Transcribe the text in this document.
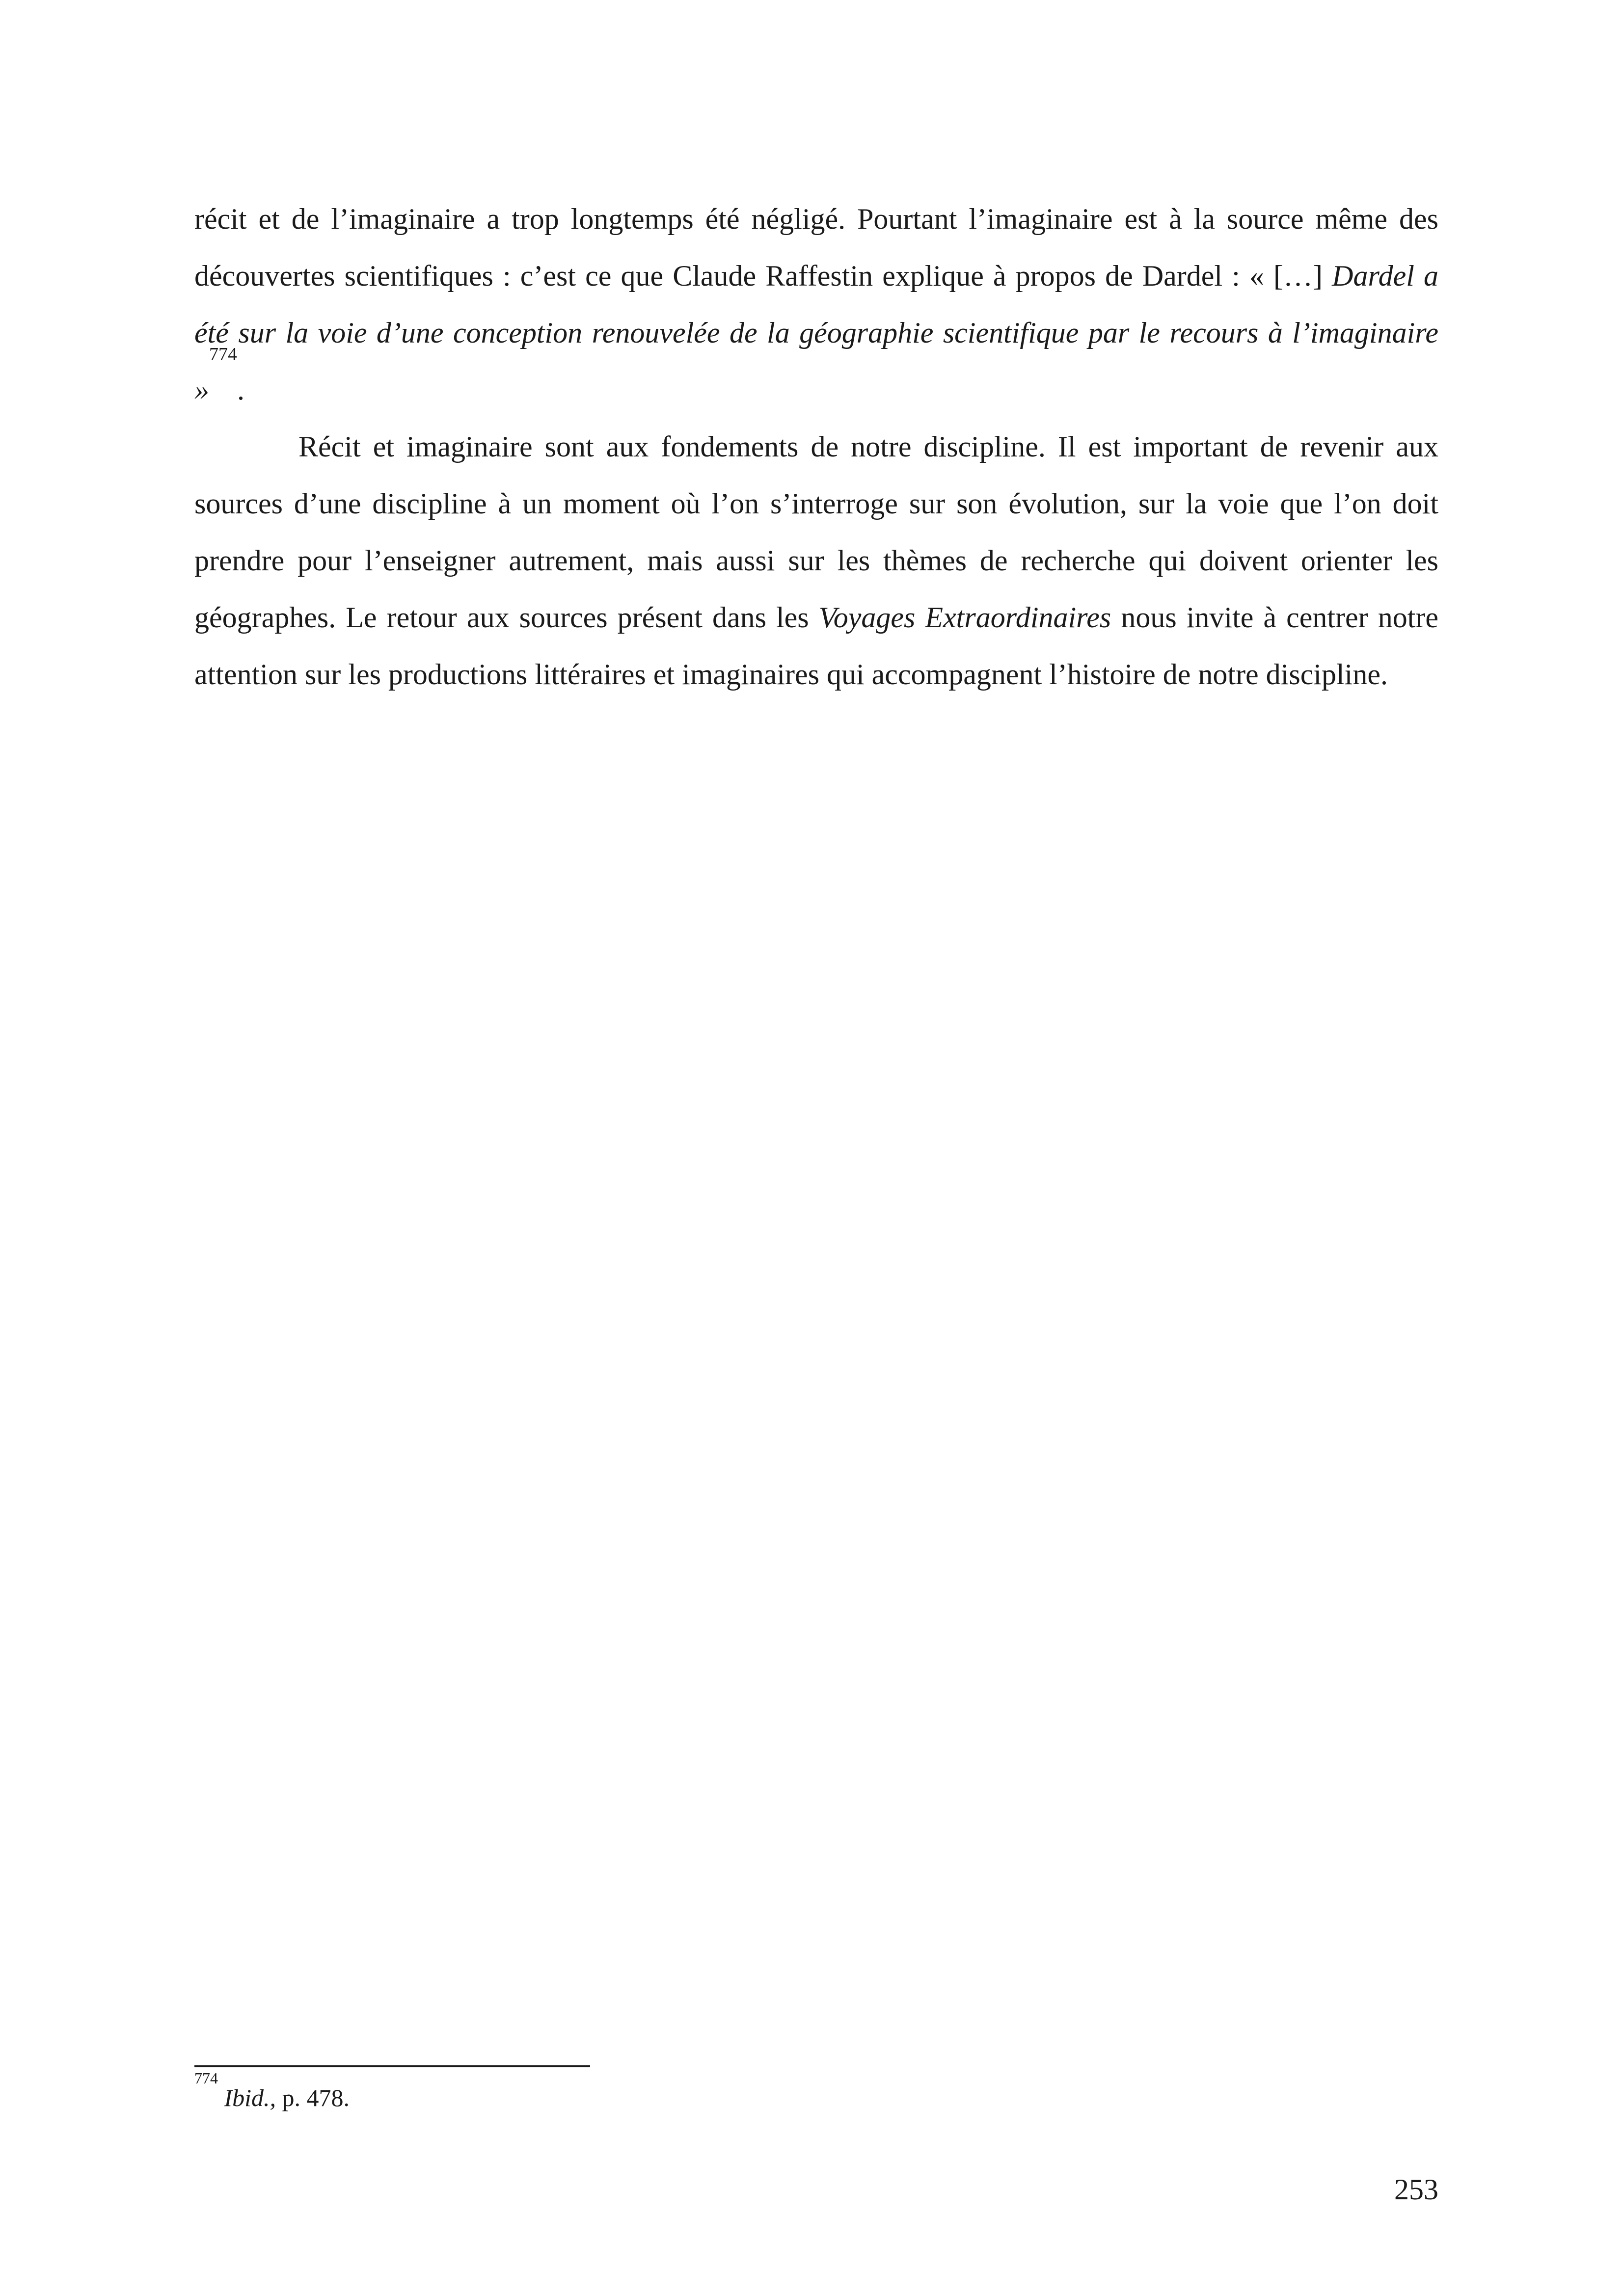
récit et de l’imaginaire a trop longtemps été négligé. Pourtant l’imaginaire est à la source même des découvertes scientifiques : c’est ce que Claude Raffestin explique à propos de Dardel : « […] Dardel a été sur la voie d’une conception renouvelée de la géographie scientifique par le recours à l’imaginaire »$^{774}$.

Récit et imaginaire sont aux fondements de notre discipline. Il est important de revenir aux sources d’une discipline à un moment où l’on s’interroge sur son évolution, sur la voie que l’on doit prendre pour l’enseigner autrement, mais aussi sur les thèmes de recherche qui doivent orienter les géographes. Le retour aux sources présent dans les Voyages Extraordinaires nous invite à centrer notre attention sur les productions littéraires et imaginaires qui accompagnent l’histoire de notre discipline.

$^{774}$ Ibid., p. 478.
253
